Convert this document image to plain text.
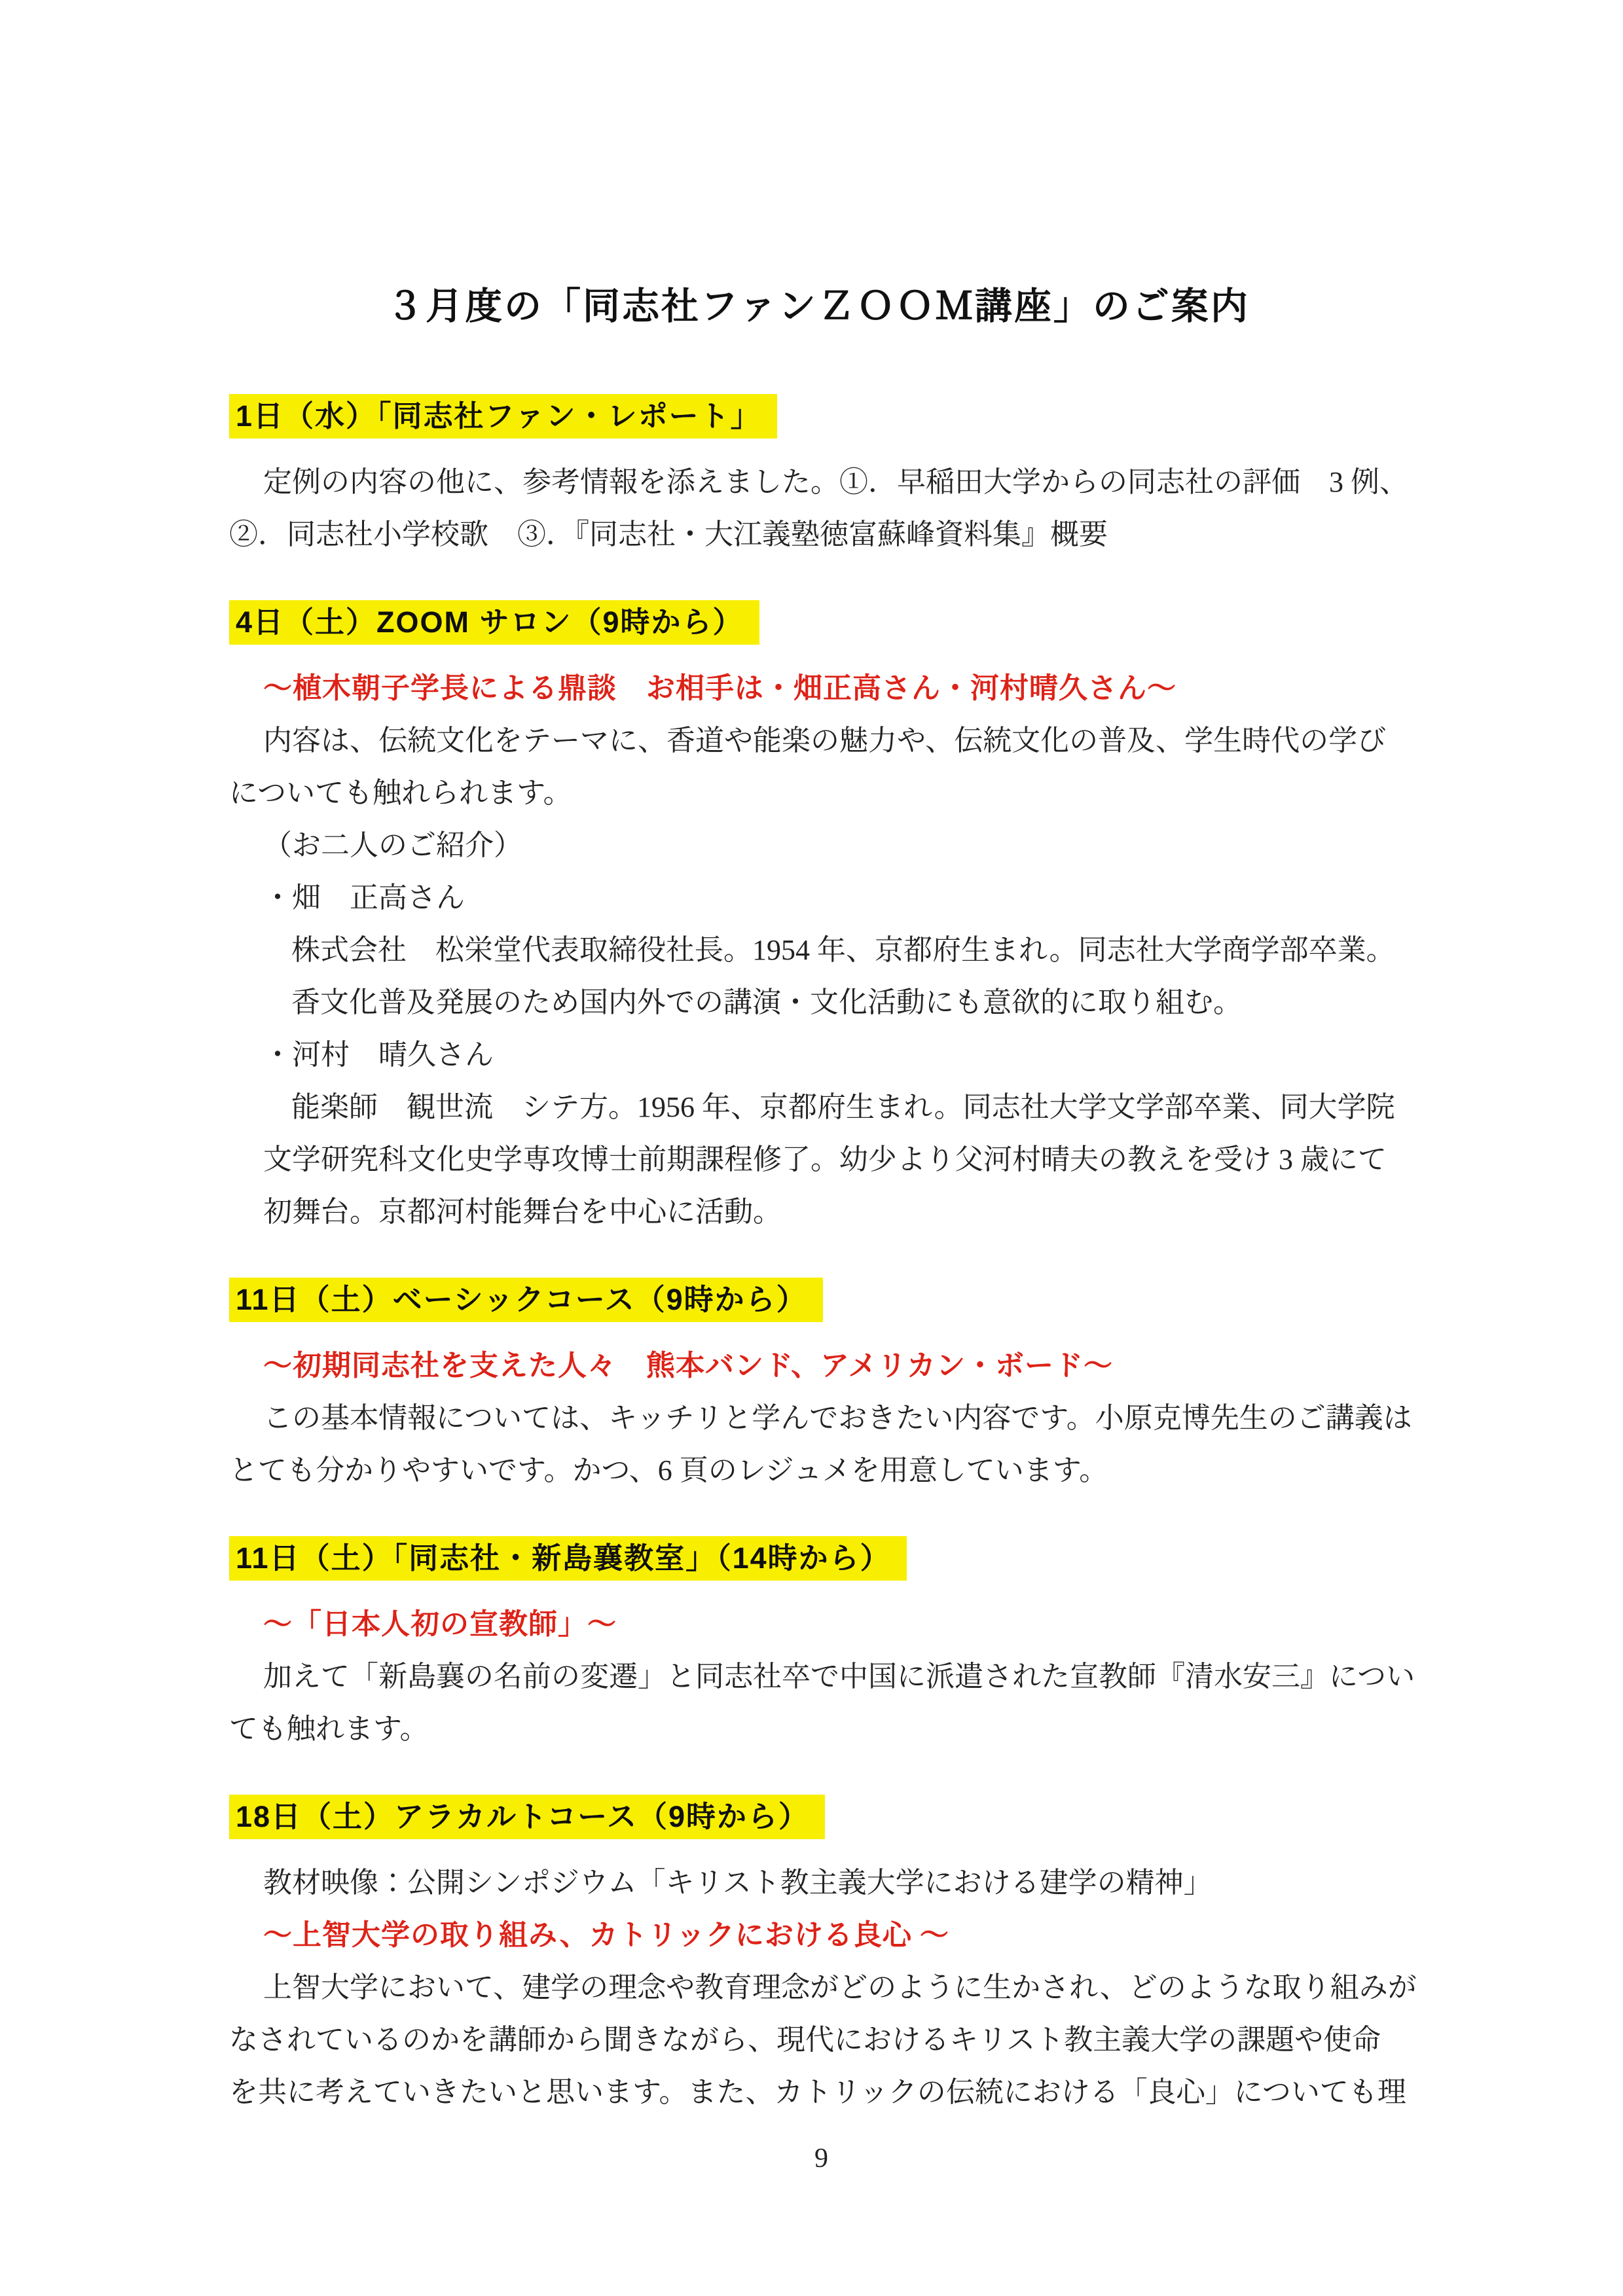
３月度の「同志社ファンＺＯＯＭ講座」のご案内
1日（水）「同志社ファン・レポート」

定例の内容の他に、参考情報を添えました。①．早稲田大学からの同志社の評価　3 例、

②．同志社小学校歌　③．『同志社・大江義塾徳富蘇峰資料集』概要

4日（土）ZOOM サロン（9時から）

～植木朝子学長による鼎談　お相手は・畑正高さん・河村晴久さん～

内容は、伝統文化をテーマに、香道や能楽の魅力や、伝統文化の普及、学生時代の学び

についても触れられます。

（お二人のご紹介）

・畑　正高さん

株式会社　松栄堂代表取締役社長。1954 年、京都府生まれ。同志社大学商学部卒業。

香文化普及発展のため国内外での講演・文化活動にも意欲的に取り組む。

・河村　晴久さん

能楽師　観世流　シテ方。1956 年、京都府生まれ。同志社大学文学部卒業、同大学院

文学研究科文化史学専攻博士前期課程修了。幼少より父河村晴夫の教えを受け 3 歳にて

初舞台。京都河村能舞台を中心に活動。

11日（土）ベーシックコース（9時から）

～初期同志社を支えた人々　熊本バンド、アメリカン・ボード～

この基本情報については、キッチリと学んでおきたい内容です。小原克博先生のご講義は

とても分かりやすいです。かつ、6 頁のレジュメを用意しています。

11日（土）「同志社・新島襄教室」（14時から）

～「日本人初の宣教師」～

加えて「新島襄の名前の変遷」と同志社卒で中国に派遣された宣教師『清水安三』につい

ても触れます。

18日（土）アラカルトコース（9時から）

教材映像：公開シンポジウム「キリスト教主義大学における建学の精神」

～上智大学の取り組み、カトリックにおける良心 ～

上智大学において、建学の理念や教育理念がどのように生かされ、どのような取り組みが

なされているのかを講師から聞きながら、現代におけるキリスト教主義大学の課題や使命

を共に考えていきたいと思います。また、カトリックの伝統における「良心」についても理

9
